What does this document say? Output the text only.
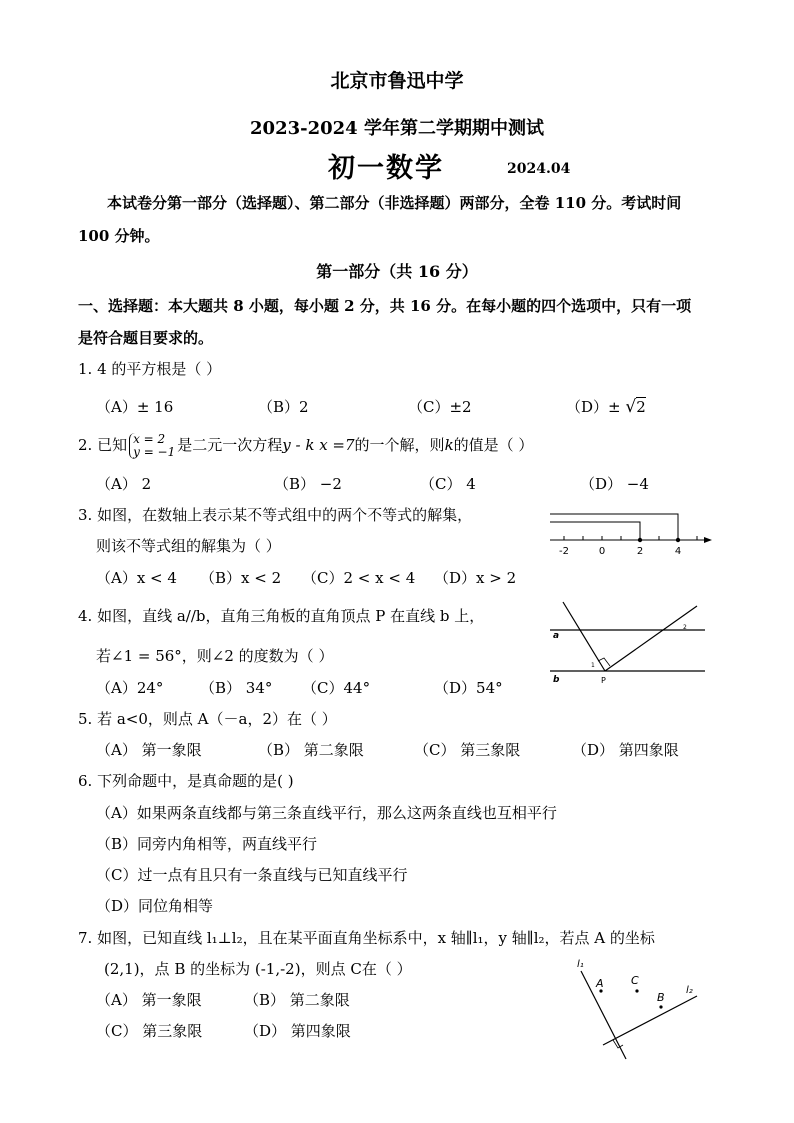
北京市鲁迅中学
2023-2024 学年第二学期期中测试
初一数学	2024.04
本试卷分第一部分（选择题）、第二部分（非选择题）两部分，全卷 110 分。考试时间
100 分钟。
第一部分（共 16 分）
一、选择题：本大题共 8 小题，每小题 2 分，共 16 分。在每小题的四个选项中，只有一项
是符合题目要求的。
1. 4 的平方根是（ ）
（A）± 16	（B）2	（C）±2	（D）± √2
2. 已知 x = 2
y = −1 是二元一次方程y - k x =7的一个解，则k的值是（ ）
（A） 2	（B） −2	（C） 4	（D） −4
3. 如图，在数轴上表示某不等式组中的两个不等式的解集，
则该不等式组的解集为（ ）
（A）x < 4 （B）x < 2 （C）2 < x < 4 （D）x > 2
-2	0	2	4
4. 如图，直线 a//b，直角三角板的直角顶点 P 在直线 b 上，
若∠1 = 56°，则∠2 的度数为（ ）
（A）24° （B） 34° （C）44°	（D）54°
a
b	P
1
2
5. 若 a<0，则点 A（－a，2）在（ ）
（A） 第一象限	（B） 第二象限	（C） 第三象限	（D） 第四象限
6. 下列命题中，是真命题的是( )
（A）如果两条直线都与第三条直线平行，那么这两条直线也互相平行
（B）同旁内角相等，两直线平行
（C）过一点有且只有一条直线与已知直线平行
（D）同位角相等
7. 如图，已知直线 l₁⊥l₂，且在某平面直角坐标系中，x 轴∥l₁，y 轴∥l₂，若点 A 的坐标
(2,1)，点 B 的坐标为 (-1,-2)，则点 C在（ ）
（A） 第一象限	（B） 第二象限
（C） 第三象限	（D） 第四象限
l₁
l₂
A C
B
